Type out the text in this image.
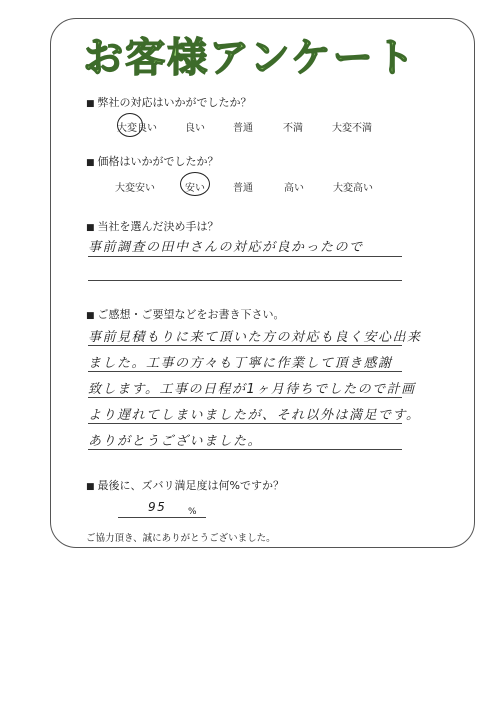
お客様アンケート
■ 弊社の対応はいかがでしたか？
大変良い	良い	普通	不満	大変不満
■ 価格はいかがでしたか？
大変安い	安い	普通	高い	大変高い
■ 当社を選んだ決め手は？
事前調査の田中さんの対応が良かったので
■ ご感想・ご要望などをお書き下さい。
事前見積もりに来て頂いた方の対応も良く安心出来
ました。工事の方々も丁寧に作業して頂き感謝
致します。工事の日程が1ヶ月待ちでしたので計画
より遅れてしまいましたが、それ以外は満足です。
ありがとうございました。
■ 最後に、ズバリ満足度は何%ですか？
95 %
ご協力頂き、誠にありがとうございました。
